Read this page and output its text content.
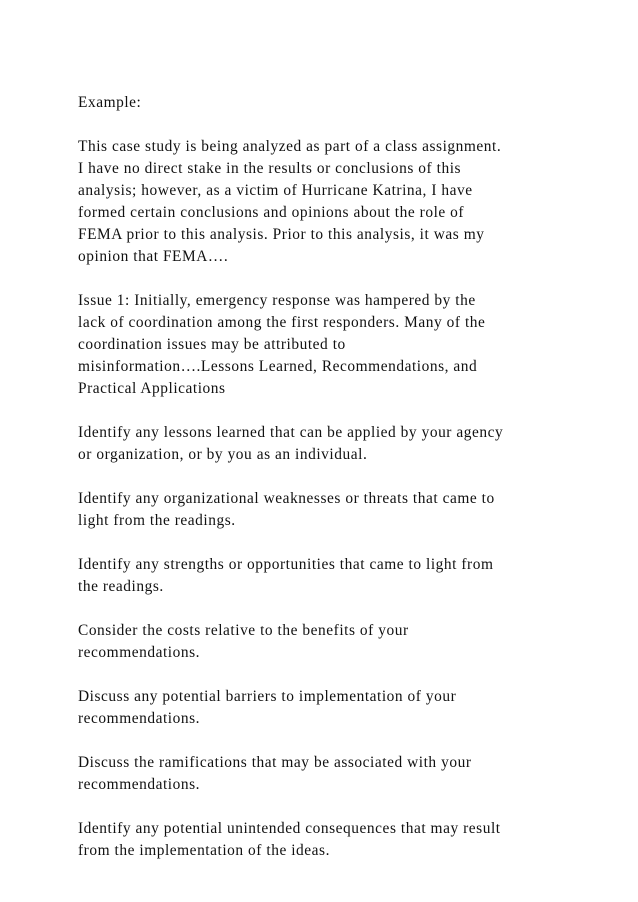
Example:

This case study is being analyzed as part of a class assignment.
I have no direct stake in the results or conclusions of this
analysis; however, as a victim of Hurricane Katrina, I have
formed certain conclusions and opinions about the role of
FEMA prior to this analysis. Prior to this analysis, it was my
opinion that FEMA….

Issue 1: Initially, emergency response was hampered by the
lack of coordination among the first responders. Many of the
coordination issues may be attributed to
misinformation….Lessons Learned, Recommendations, and
Practical Applications

Identify any lessons learned that can be applied by your agency
or organization, or by you as an individual.

Identify any organizational weaknesses or threats that came to
light from the readings.

Identify any strengths or opportunities that came to light from
the readings.

Consider the costs relative to the benefits of your
recommendations.

Discuss any potential barriers to implementation of your
recommendations.

Discuss the ramifications that may be associated with your
recommendations.

Identify any potential unintended consequences that may result
from the implementation of the ideas.
